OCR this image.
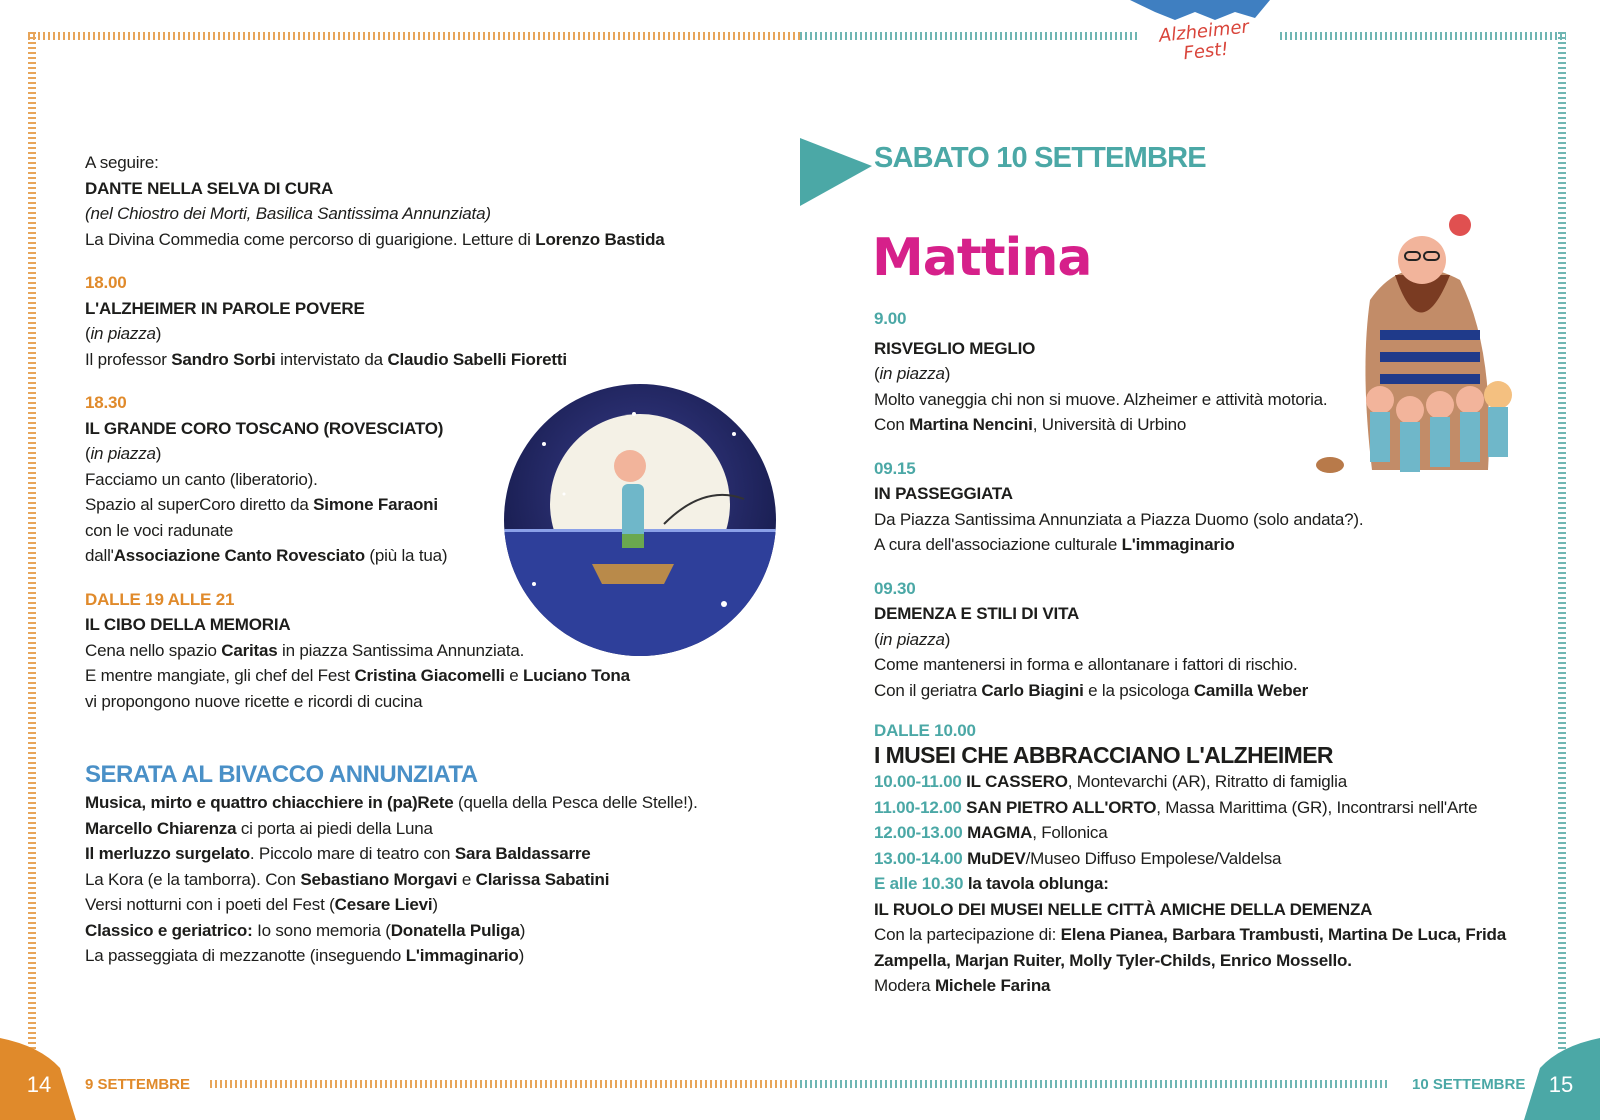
Alzheimer Fest!

A seguire:

DANTE NELLA SELVA DI CURA

(nel Chiostro dei Morti, Basilica Santissima Annunziata)

La Divina Commedia come percorso di guarigione. Letture di Lorenzo Bastida

18.00

L'ALZHEIMER IN PAROLE POVERE

(in piazza)

Il professor Sandro Sorbi intervistato da Claudio Sabelli Fioretti

18.30

IL GRANDE CORO TOSCANO (ROVESCIATO)

(in piazza)

Facciamo un canto (liberatorio).

Spazio al superCoro diretto da Simone Faraoni

con le voci radunate

dall'Associazione Canto Rovesciato (più la tua)

DALLE 19 ALLE 21

IL CIBO DELLA MEMORIA

Cena nello spazio Caritas in piazza Santissima Annunziata.

E mentre mangiate, gli chef del Fest Cristina Giacomelli e Luciano Tona

vi propongono nuove ricette e ricordi di cucina

SERATA AL BIVACCO ANNUNZIATA

Musica, mirto e quattro chiacchiere in (pa)Rete (quella della Pesca delle Stelle!).

Marcello Chiarenza ci porta ai piedi della Luna

Il merluzzo surgelato. Piccolo mare di teatro con Sara Baldassarre

La Kora (e la tamborra). Con Sebastiano Morgavi e Clarissa Sabatini

Versi notturni con i poeti del Fest (Cesare Lievi)

Classico e geriatrico: Io sono memoria (Donatella Puliga)

La passeggiata di mezzanotte (inseguendo L'immaginario)

SABATO 10 SETTEMBRE
Mattina

9.00

RISVEGLIO MEGLIO

(in piazza)

Molto vaneggia chi non si muove. Alzheimer e attività motoria.

Con Martina Nencini, Università di Urbino

09.15

IN PASSEGGIATA

Da Piazza Santissima Annunziata a Piazza Duomo (solo andata?).

A cura dell'associazione culturale L'immaginario

09.30

DEMENZA E STILI DI VITA

(in piazza)

Come mantenersi in forma e allontanare i fattori di rischio.

Con il geriatra Carlo Biagini e la psicologa Camilla Weber

DALLE 10.00

I MUSEI CHE ABBRACCIANO L'ALZHEIMER

10.00-11.00 IL CASSERO, Montevarchi (AR), Ritratto di famiglia

11.00-12.00 SAN PIETRO ALL'ORTO, Massa Marittima (GR), Incontrarsi nell'Arte

12.00-13.00 MAGMA, Follonica

13.00-14.00 MuDEV/Museo Diffuso Empolese/Valdelsa

E alle 10.30 la tavola oblunga:

IL RUOLO DEI MUSEI NELLE CITTÀ AMICHE DELLA DEMENZA

Con la partecipazione di: Elena Pianea, Barbara Trambusti, Martina De Luca, Frida

Zampella, Marjan Ruiter, Molly Tyler-Childs, Enrico Mossello.

Modera Michele Farina

14	9 SETTEMBRE	10 SETTEMBRE	15
